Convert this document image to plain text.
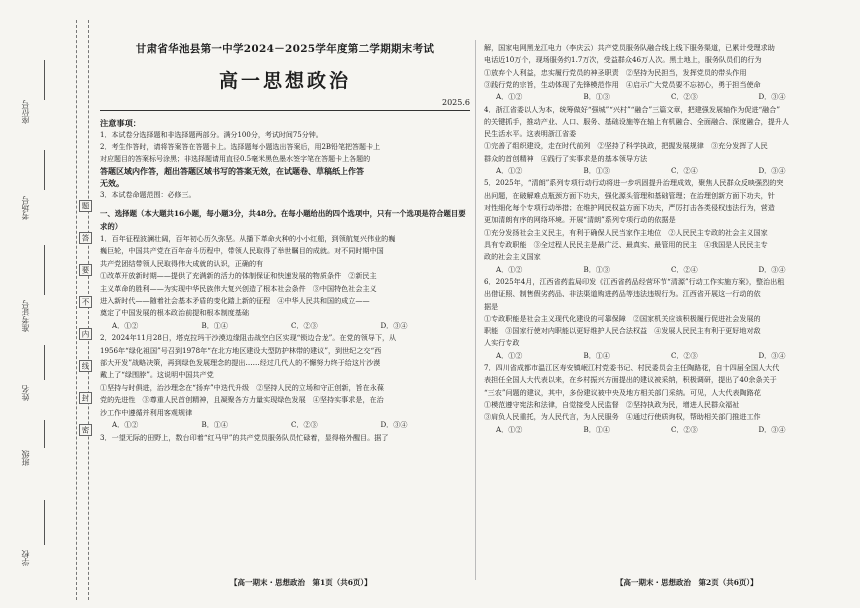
座位号
考场号
准考证号
姓名
班级
学校
题
答
要
不
内
线
封
密
甘肃省华池县第一中学2024－2025学年度第二学期期末考试
高一思想政治
2025.6
注意事项：

1．本试卷分选择题和非选择题两部分。满分100分，考试时间75分钟。

2．考生作答时，请将答案答在答题卡上。选择题每小题选出答案后，用2B铅笔把答题卡上

对应题目的答案标号涂黑；非选择题请用直径0.5毫米黑色墨水签字笔在答题卡上各题的

答题区域内作答，超出答题区域书写的答案无效，在试题卷、草稿纸上作答

无效。

3．本试卷命题范围：必修三。

一、选择题（本大题共16小题，每小题3分，共48分。在每小题给出的四个选项中，只有一个选项是符合题目要求的）

1．百年征程波澜壮阔，百年初心历久弥坚。从播下革命火种的小小红船，到领航复兴伟业的巍

巍巨轮，中国共产党在百年奋斗历程中，带领人民取得了举世瞩目的成就。对不同时期中国

共产党团结带领人民取得伟大成就的认识，正确的有

①改革开放新时期——提供了充满新的活力的体制保证和快速发展的物质条件　②新民主

主义革命的胜利——为实现中华民族伟大复兴创造了根本社会条件　③中国特色社会主义

进入新时代——随着社会基本矛盾的变化踏上新的征程　④中华人民共和国的成立——

奠定了中国发展的根本政治前提和根本制度基础

A．①②	B．①④	C．②③	D．③④

2．2024年11月28日，塔克拉玛干沙漠边缘阻击战空白区实现“锁边合龙”。在党的领导下，从

1956年“绿化祖国”号召到1978年“在北方地区建设大型防护林带的建议”，到世纪之交“西

部大开发”战略决策，再到绿色发展理念的提出……经过几代人的不懈努力终于给这片沙漠

戴上了“绿围脖”。这说明中国共产党

①坚持与时俱进，治沙理念在“扬弃”中迭代升级　②坚持人民的立场和守正创新，旨在永葆

党的先进性　③尊重人民首创精神，且凝聚各方力量实现绿色发展　④坚持实事求是，在治

沙工作中遵循并利用客观规律

A．①②	B．①④	C．②③	D．③④

3．一望无际的田野上，数台印着“红马甲”的共产党员服务队员忙碌着，显得格外醒目。据了

解，国家电网黑龙江电力（李庆云）共产党员服务队融合线上线下服务渠道，已累计受理求助

电话近10万个，现场服务约1.7万次，受益群众46万人次。黑土地上，服务队员们的行为

①放弃个人利益，忠实履行党员的神圣职责　②坚持为民担当，发挥党员的带头作用

③践行党的宗旨，生动体现了先锋模范作用　④启示广大党员要不忘初心，勇于担当使命

A．①②	B．①③	C．②③	D．③④

4．浙江省委以人为本，统筹做好“强城”“兴村”“融合”三篇文章，把建强发展轴作为促进“融合”

的关键抓手，推动产业、人口、服务、基础设施等在轴上有机融合、全面融合、深度融合，提升人

民生活水平。这表明浙江省委

①完善了组织建设，走在时代前列　②坚持了科学执政，把握发展规律　③充分发挥了人民

群众的首创精神　④践行了实事求是的基本领导方法

A．①②	B．①③	C．②④	D．③④

5．2025年，“清朗”系列专项行动行动将进一步巩固提升治理成效，聚焦人民群众反映强烈的突

出问题，在破解难点瓶颈方面下功夫，强化源头管理和基础管理；在治理创新方面下功夫，针

对性细化每个专项行动举措；在维护网民权益方面下功夫，严厉打击各类侵权违法行为，营造

更加清朗有序的网络环境。开展“清朗”系列专项行动的依据是

①充分发扬社会主义民主，有利于确保人民当家作主地位　②人民民主专政的社会主义国家

具有专政职能　③全过程人民民主是最广泛、最真实、最管用的民主　④我国是人民民主专

政的社会主义国家

A．①②	B．①③	C．②④	D．③④

6．2025年4月，江西省药监局印发《江西省药品经营环节“清源”行动工作实施方案》，整治出租

出借证照、制售假劣药品、非法渠道购进药品等违法违规行为。江西省开展这一行动的依

据是

①专政职能是社会主义现代化建设的可靠保障　②国家机关应该积极履行促进社会发展的

职能　③国家行使对内职能以更好维护人民合法权益　④发展人民民主有利于更好地对敌

人实行专政

A．①②	B．①④	C．②③	D．③④

7．四川省成都市温江区寿安镇岷江村党委书记、村民委员会主任陶路花，自十四届全国人大代

表担任全国人大代表以来，在乡村振兴方面提出的建议被采纳，积极调研，提出了40余条关于

“三农”问题的建议，其中，多份建议被中央及地方相关部门采纳。可见，人大代表陶路花

①模范遵守宪法和法律，自觉接受人民监督　②坚持执政为民，增进人民群众福祉

③肩负人民重托，为人民代言，为人民服务　④通过行使质询权，帮助相关部门推进工作

A．①②	B．①④	C．②③	D．③④
【高一期末・思想政治　第1页（共6页）】	【高一期末・思想政治　第2页（共6页）】
